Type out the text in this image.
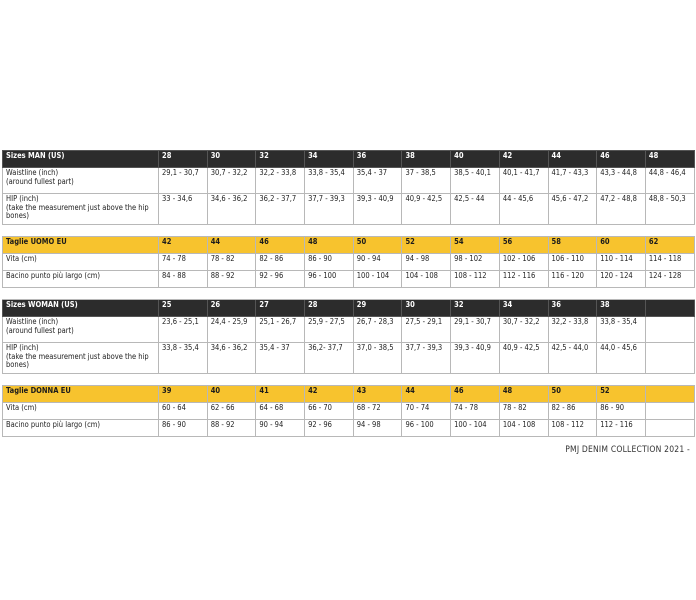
Sizes MAN (US)	28	30	32	34	36	38	40	42	44	46	48
Waistline (inch)
(around fullest part)	29,1 - 30,7	30,7 - 32,2	32,2 - 33,8	33,8 - 35,4	35,4 - 37	37 - 38,5	38,5 - 40,1	40,1 - 41,7	41,7 - 43,3	43,3 - 44,8	44,8 - 46,4
HIP (inch)
(take the measurement just above the hip bones)	33 - 34,6	34,6 - 36,2	36,2 - 37,7	37,7 - 39,3	39,3 - 40,9	40,9 - 42,5	42,5 - 44	44 - 45,6	45,6 - 47,2	47,2 - 48,8	48,8 - 50,3

Taglie UOMO EU	42	44	46	48	50	52	54	56	58	60	62
Vita (cm)	74 - 78	78 - 82	82 - 86	86 - 90	90 - 94	94 - 98	98 - 102	102 - 106	106 - 110	110 - 114	114 - 118
Bacino punto più largo (cm)	84 - 88	88 - 92	92 - 96	96 - 100	100 - 104	104 - 108	108 - 112	112 - 116	116 - 120	120 - 124	124 - 128

Sizes WOMAN (US)	25	26	27	28	29	30	32	34	36	38	
Waistline (inch)
(around fullest part)	23,6 - 25,1	24,4 - 25,9	25,1 - 26,7	25,9 - 27,5	26,7 - 28,3	27,5 - 29,1	29,1 - 30,7	30,7 - 32,2	32,2 - 33,8	33,8 - 35,4	
HIP (inch)
(take the measurement just above the hip bones)	33,8 - 35,4	34,6 - 36,2	35,4 - 37	36,2- 37,7	37,0 - 38,5	37,7 - 39,3	39,3 - 40,9	40,9 - 42,5	42,5 - 44,0	44,0 - 45,6	

Taglie DONNA EU	39	40	41	42	43	44	46	48	50	52	
Vita (cm)	60 - 64	62 - 66	64 - 68	66 - 70	68 - 72	70 - 74	74 - 78	78 - 82	82 - 86	86 - 90	
Bacino punto più largo (cm)	86 - 90	88 - 92	90 - 94	92 - 96	94 - 98	96 - 100	100 - 104	104 - 108	108 - 112	112 - 116	
PMJ DENIM COLLECTION 2021 -
